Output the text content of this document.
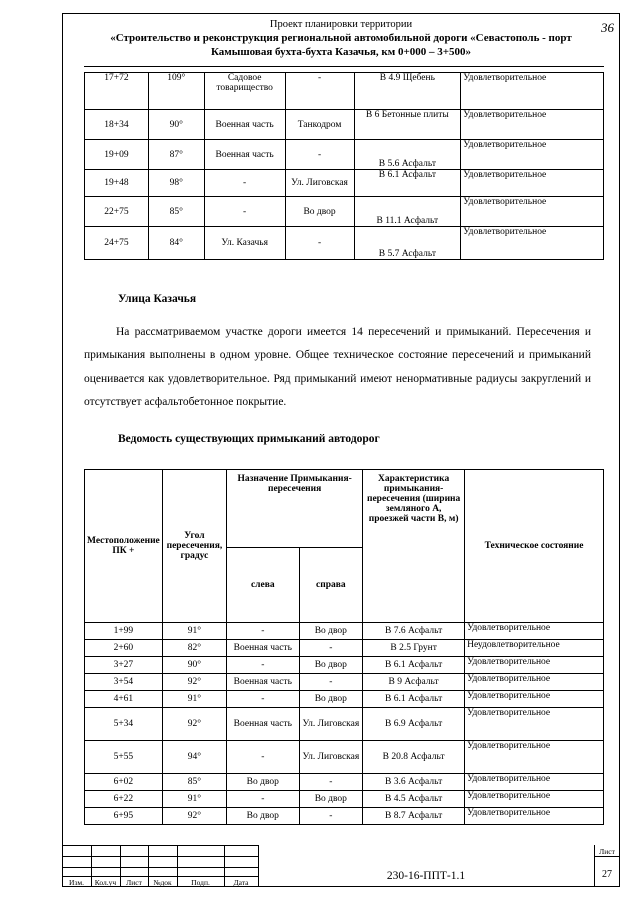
Проект планировки территории
«Строительство и реконструкция региональной автомобильной дороги «Севастополь - порт
Камышовая бухта-бухта Казачья, км 0+000 – 3+500»
36
17+72	109°	Садовое товарищество	-	В 4.9 Щебень	Удовлетворительное
18+34	90°	Военная часть	Танкодром	В 6 Бетонные плиты	Удовлетворительное
19+09	87°	Военная часть	-	В 5.6 Асфальт	Удовлетворительное
19+48	98°	-	Ул. Лиговская	В 6.1 Асфальт	Удовлетворительное
22+75	85°	-	Во двор	В 11.1 Асфальт	Удовлетворительное
24+75	84°	Ул. Казачья	-	В 5.7 Асфальт	Удовлетворительное
Улица Казачья

На рассматриваемом участке дороги имеется 14 пересечений и примыканий. Пересечения и примыкания выполнены в одном уровне. Общее техническое состояние пересечений и примыканий оценивается как удовлетворительное. Ряд примыканий имеют ненормативные радиусы закруглений и отсутствует асфальтобетонное покрытие.

Ведомость существующих примыканий автодорог
Местоположение ПК +	Угол пересечения, градус	Назначение Примыкания-пересечения		Характеристика примыкания-пересечения (ширина земляного А, проезжей части В, м)	Техническое состояние
		слева	справа		
1+99	91°	-	Во двор	В 7.6 Асфальт	Удовлетворительное
2+60	82°	Военная часть	-	В 2.5 Грунт	Неудовлетворительное
3+27	90°	-	Во двор	В 6.1 Асфальт	Удовлетворительное
3+54	92°	Военная часть	-	В 9 Асфальт	Удовлетворительное
4+61	91°	-	Во двор	В 6.1 Асфальт	Удовлетворительное
5+34	92°	Военная часть	Ул. Лиговская	В 6.9 Асфальт	Удовлетворительное
5+55	94°	-	Ул. Лиговская	В 20.8 Асфальт	Удовлетворительное
6+02	85°	Во двор	-	В 3.6 Асфальт	Удовлетворительное
6+22	91°	-	Во двор	В 4.5 Асфальт	Удовлетворительное
6+95	92°	Во двор	-	В 8.7 Асфальт	Удовлетворительное
Изм.	Кол.уч	Лист	№док	Подп.	Дата
230-16-ППТ-1.1
Лист
27
